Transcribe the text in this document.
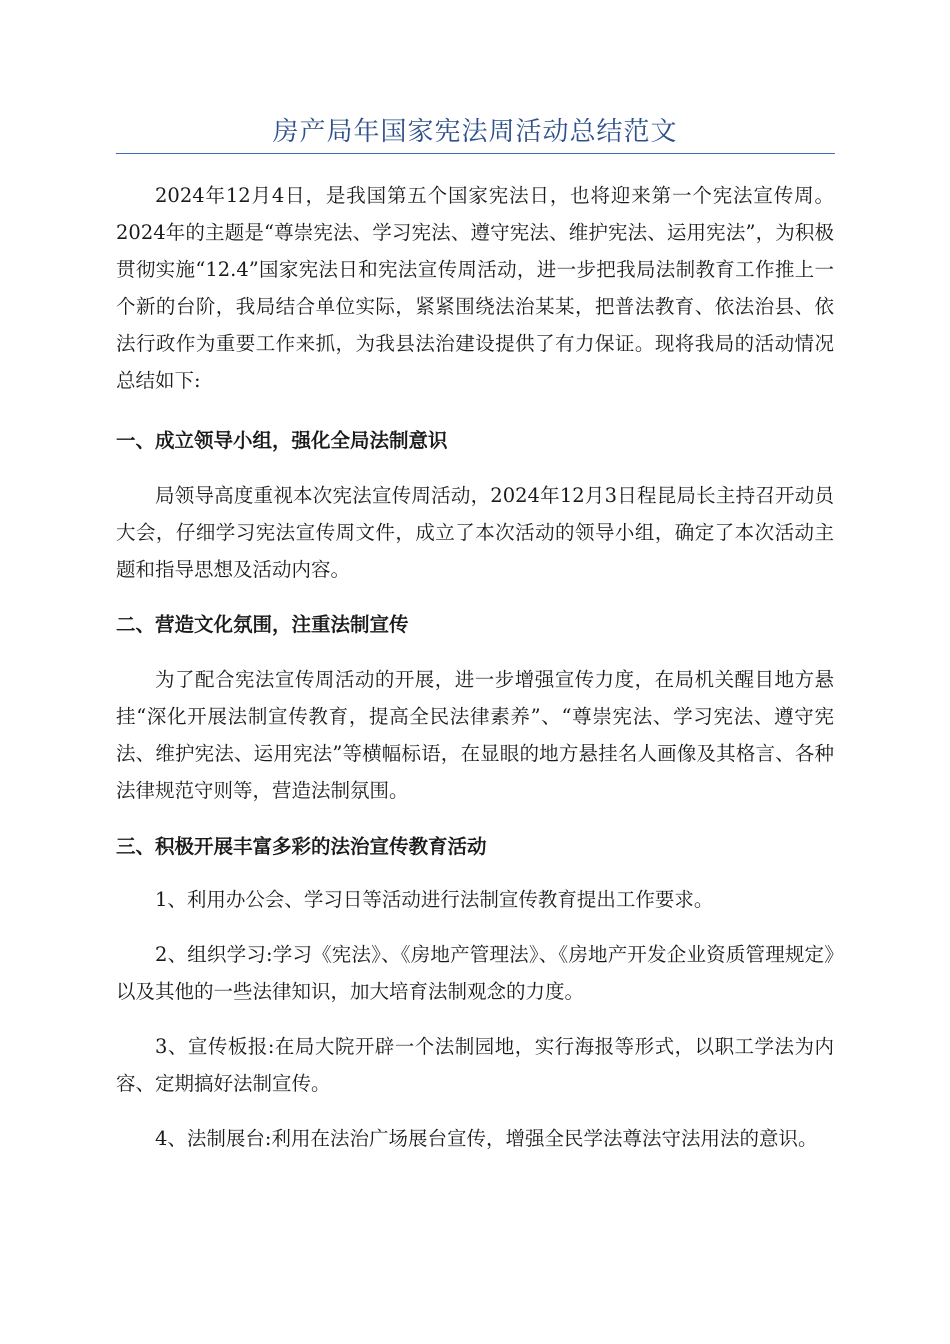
房产局年国家宪法周活动总结范文

2024年12月4日，是我国第五个国家宪法日，也将迎来第一个宪法宣传周。2024年的主题是“尊崇宪法、学习宪法、遵守宪法、维护宪法、运用宪法”，为积极贯彻实施“12.4”国家宪法日和宪法宣传周活动，进一步把我局法制教育工作推上一个新的台阶，我局结合单位实际，紧紧围绕法治某某，把普法教育、依法治县、依法行政作为重要工作来抓，为我县法治建设提供了有力保证。现将我局的活动情况总结如下:

一、成立领导小组，强化全局法制意识

局领导高度重视本次宪法宣传周活动，2024年12月3日程昆局长主持召开动员大会，仔细学习宪法宣传周文件，成立了本次活动的领导小组，确定了本次活动主题和指导思想及活动内容。

二、营造文化氛围，注重法制宣传

为了配合宪法宣传周活动的开展，进一步增强宣传力度，在局机关醒目地方悬挂“深化开展法制宣传教育，提高全民法律素养”、“尊崇宪法、学习宪法、遵守宪法、维护宪法、运用宪法”等横幅标语，在显眼的地方悬挂名人画像及其格言、各种法律规范守则等，营造法制氛围。

三、积极开展丰富多彩的法治宣传教育活动

1、利用办公会、学习日等活动进行法制宣传教育提出工作要求。

2、组织学习:学习《宪法》、《房地产管理法》、《房地产开发企业资质管理规定》以及其他的一些法律知识，加大培育法制观念的力度。

3、宣传板报:在局大院开辟一个法制园地，实行海报等形式，以职工学法为内容、定期搞好法制宣传。

4、法制展台:利用在法治广场展台宣传，增强全民学法尊法守法用法的意识。
